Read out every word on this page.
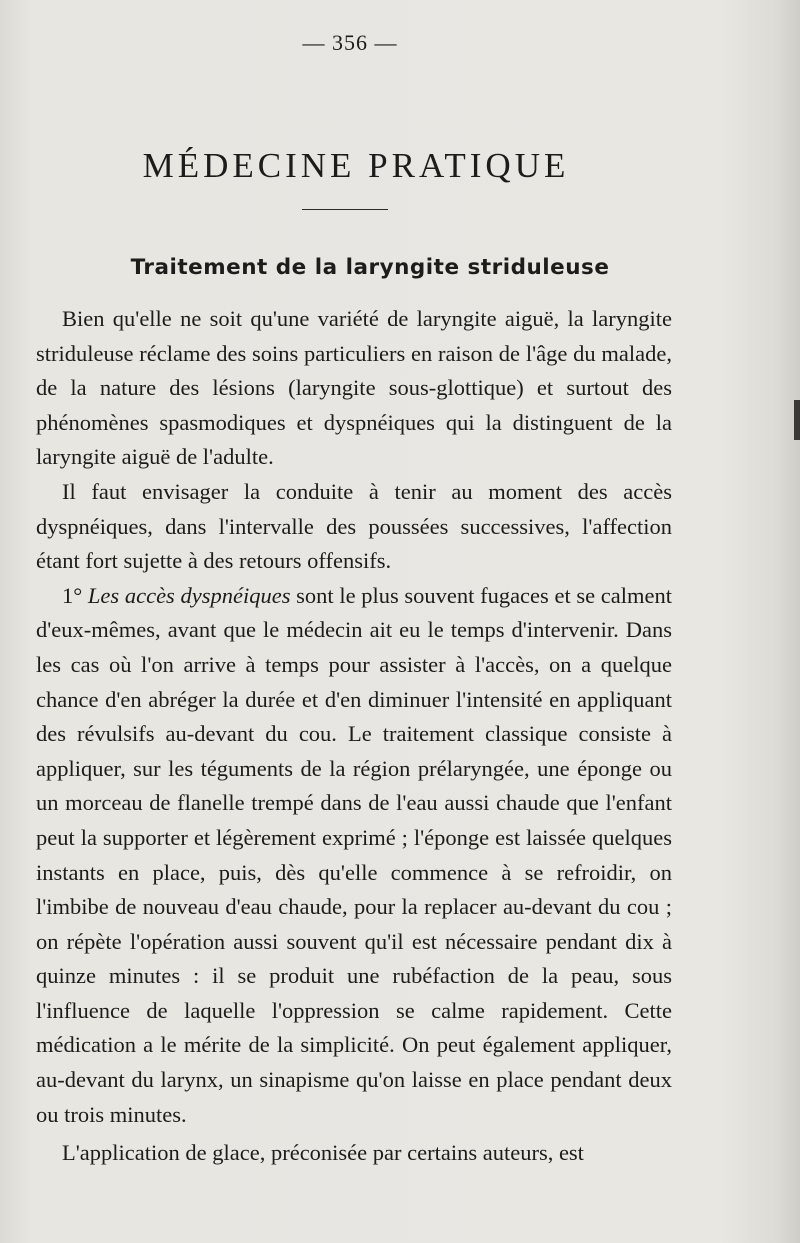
— 356 —
MÉDECINE PRATIQUE
Traitement de la laryngite striduleuse

Bien qu'elle ne soit qu'une variété de laryngite aiguë, la laryngite striduleuse réclame des soins particuliers en raison de l'âge du malade, de la nature des lésions (laryngite sous-glottique) et surtout des phénomènes spasmodiques et dyspnéiques qui la distinguent de la laryngite aiguë de l'adulte.

Il faut envisager la conduite à tenir au moment des accès dyspnéiques, dans l'intervalle des poussées successives, l'affection étant fort sujette à des retours offensifs.

1° Les accès dyspnéiques sont le plus souvent fugaces et se calment d'eux-mêmes, avant que le médecin ait eu le temps d'intervenir. Dans les cas où l'on arrive à temps pour assister à l'accès, on a quelque chance d'en abréger la durée et d'en diminuer l'intensité en appliquant des révulsifs au-devant du cou. Le traitement classique consiste à appliquer, sur les téguments de la région prélaryngée, une éponge ou un morceau de flanelle trempé dans de l'eau aussi chaude que l'enfant peut la supporter et légèrement exprimé ; l'éponge est laissée quelques instants en place, puis, dès qu'elle commence à se refroidir, on l'imbibe de nouveau d'eau chaude, pour la replacer au-devant du cou ; on répète l'opération aussi souvent qu'il est nécessaire pendant dix à quinze minutes : il se produit une rubéfaction de la peau, sous l'influence de laquelle l'oppression se calme rapidement. Cette médication a le mérite de la simplicité. On peut également appliquer, au-devant du larynx, un sinapisme qu'on laisse en place pendant deux ou trois minutes.

L'application de glace, préconisée par certains auteurs, est
